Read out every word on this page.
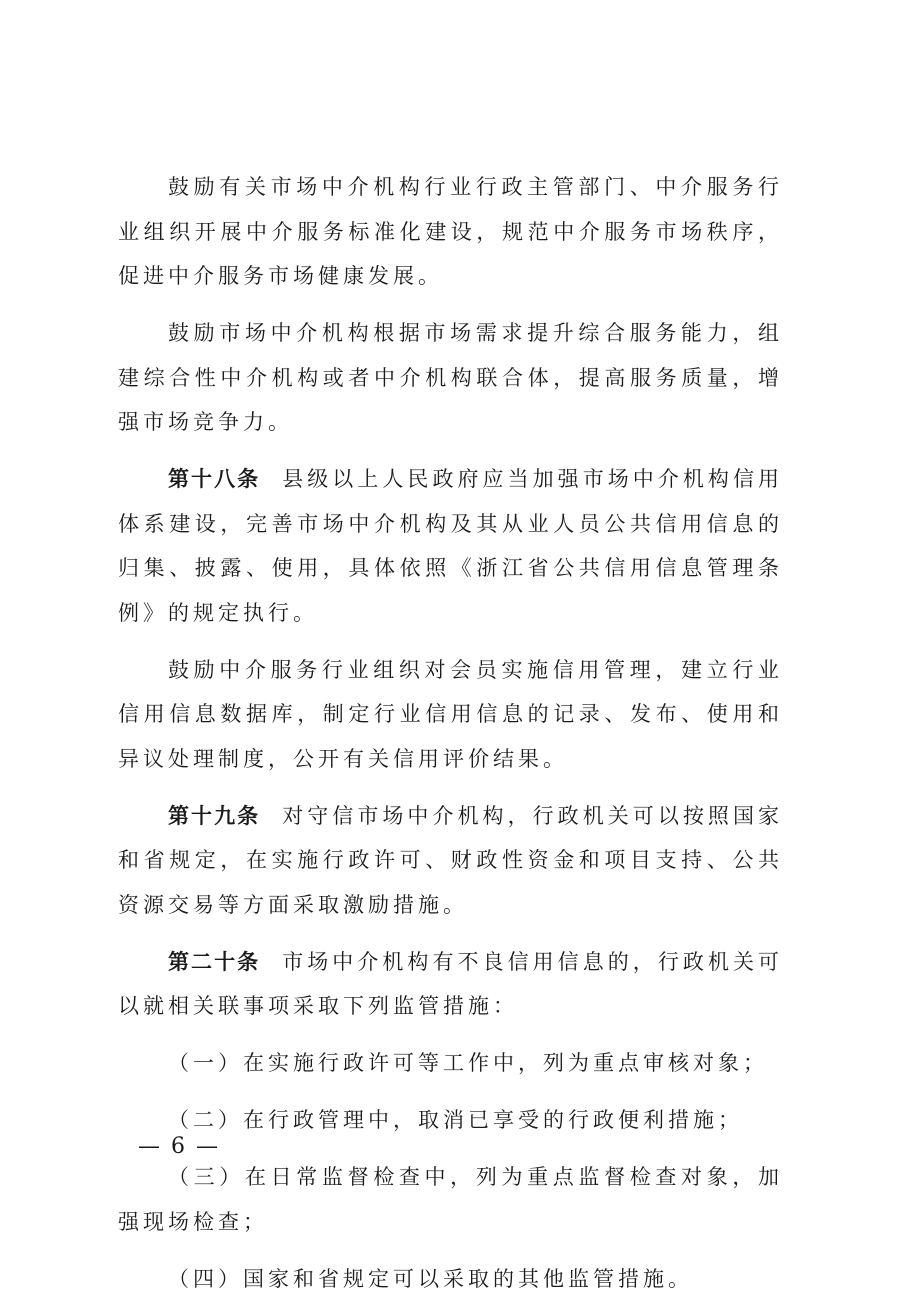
鼓励有关市场中介机构行业行政主管部门、中介服务行业组织开展中介服务标准化建设，规范中介服务市场秩序，促进中介服务市场健康发展。

鼓励市场中介机构根据市场需求提升综合服务能力，组建综合性中介机构或者中介机构联合体，提高服务质量，增强市场竞争力。

第十八条 县级以上人民政府应当加强市场中介机构信用体系建设，完善市场中介机构及其从业人员公共信用信息的归集、披露、使用，具体依照《浙江省公共信用信息管理条例》的规定执行。

鼓励中介服务行业组织对会员实施信用管理，建立行业信用信息数据库，制定行业信用信息的记录、发布、使用和异议处理制度，公开有关信用评价结果。

第十九条 对守信市场中介机构，行政机关可以按照国家和省规定，在实施行政许可、财政性资金和项目支持、公共资源交易等方面采取激励措施。

第二十条 市场中介机构有不良信用信息的，行政机关可以就相关联事项采取下列监管措施：

（一）在实施行政许可等工作中，列为重点审核对象；

（二）在行政管理中，取消已享受的行政便利措施；

（三）在日常监督检查中，列为重点监督检查对象，加强现场检查；

（四）国家和省规定可以采取的其他监管措施。

— 6 —
